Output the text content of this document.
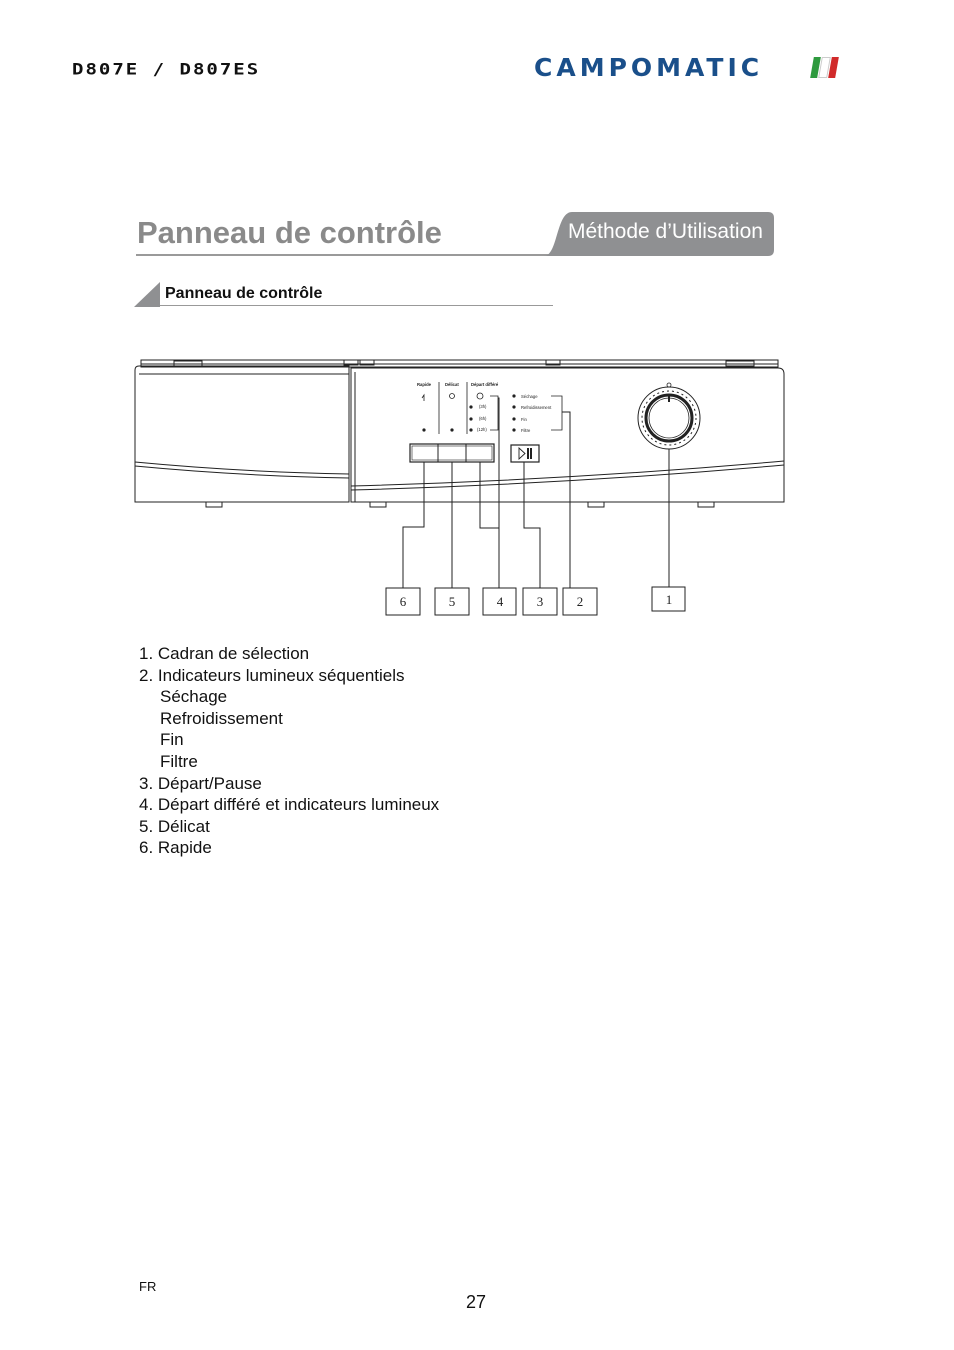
D807E / D807ES	CAMPOMATIC
Panneau de contrôle	Méthode d’Utilisation
Panneau de contrôle
Rapide	Délicat	Départ différé
(3h)
(6h)
(12h)
Séchage
Refroidissement
Fin
Filtre
6	5	4	3	2	1
1. Cadran de sélection
2. Indicateurs lumineux séquentiels
Séchage
Refroidissement
Fin
Filtre
3. Départ/Pause
4. Départ différé et indicateurs lumineux
5. Délicat
6. Rapide
FR
27
